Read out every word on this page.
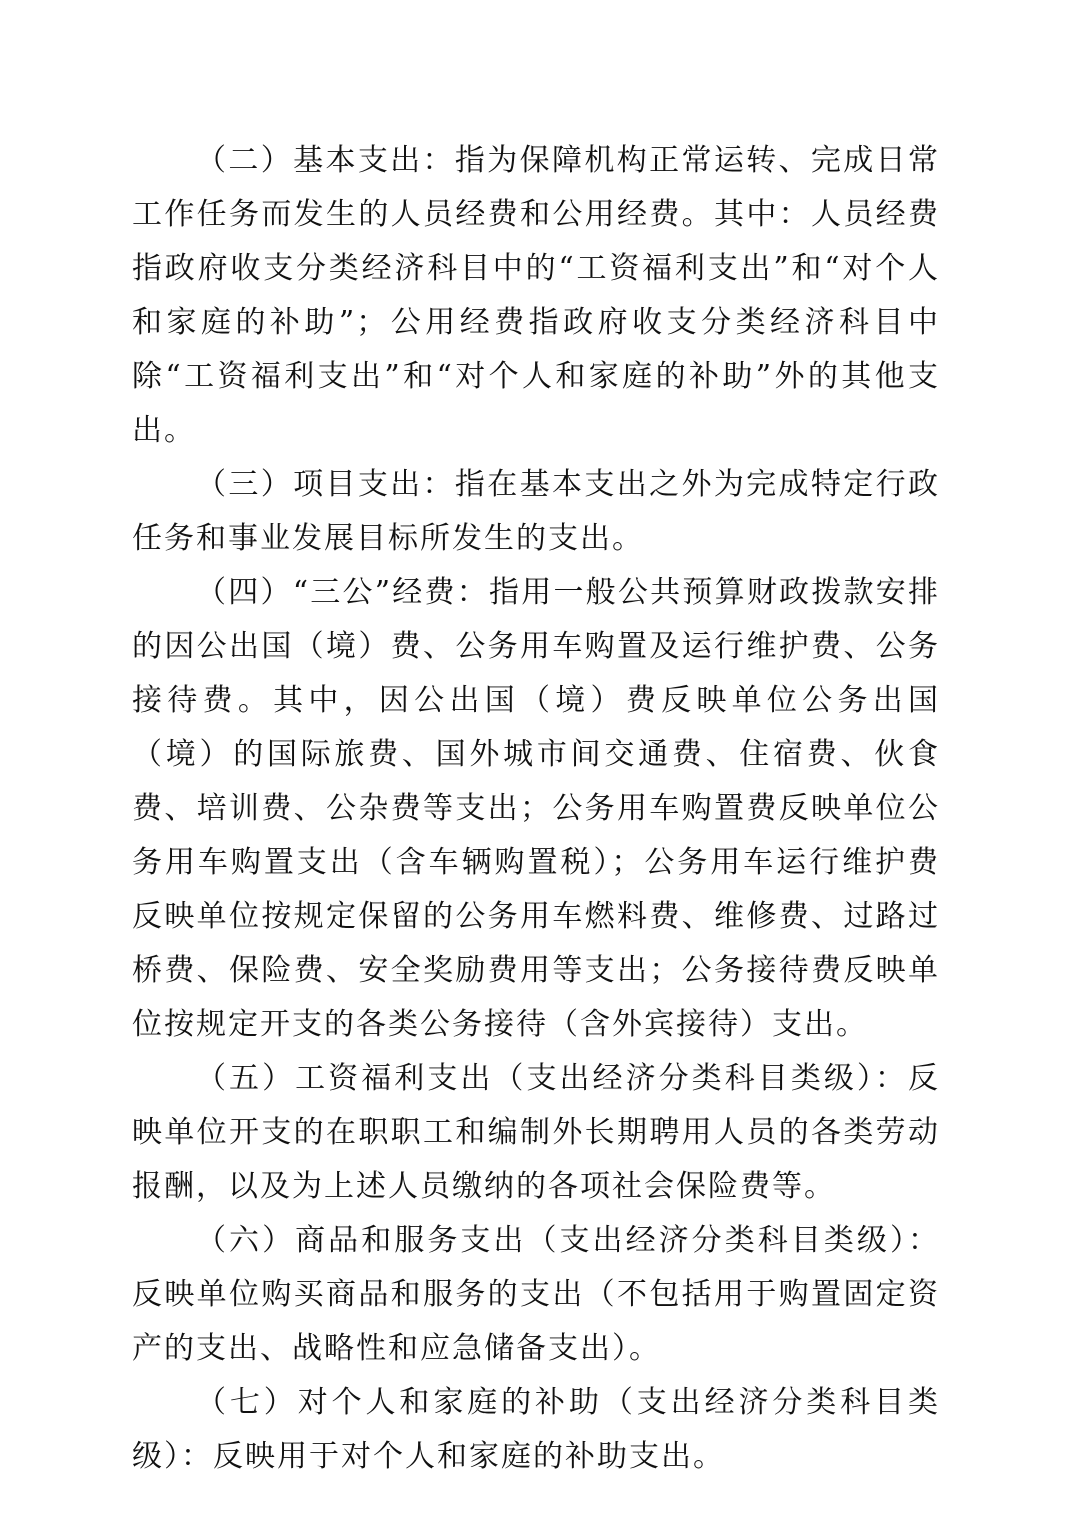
（二）基本支出：指为保障机构正常运转、完成日常工作任务而发生的人员经费和公用经费。其中：人员经费指政府收支分类经济科目中的“工资福利支出”和“对个人和家庭的补助”；公用经费指政府收支分类经济科目中除“工资福利支出”和“对个人和家庭的补助”外的其他支出。

（三）项目支出：指在基本支出之外为完成特定行政任务和事业发展目标所发生的支出。

（四）“三公”经费：指用一般公共预算财政拨款安排的因公出国（境）费、公务用车购置及运行维护费、公务接待费。其中，因公出国（境）费反映单位公务出国（境）的国际旅费、国外城市间交通费、住宿费、伙食费、培训费、公杂费等支出；公务用车购置费反映单位公务用车购置支出（含车辆购置税）；公务用车运行维护费反映单位按规定保留的公务用车燃料费、维修费、过路过桥费、保险费、安全奖励费用等支出；公务接待费反映单位按规定开支的各类公务接待（含外宾接待）支出。

（五）工资福利支出（支出经济分类科目类级）：反映单位开支的在职职工和编制外长期聘用人员的各类劳动报酬，以及为上述人员缴纳的各项社会保险费等。

（六）商品和服务支出（支出经济分类科目类级）：反映单位购买商品和服务的支出（不包括用于购置固定资产的支出、战略性和应急储备支出）。

（七）对个人和家庭的补助（支出经济分类科目类级）：反映用于对个人和家庭的补助支出。
